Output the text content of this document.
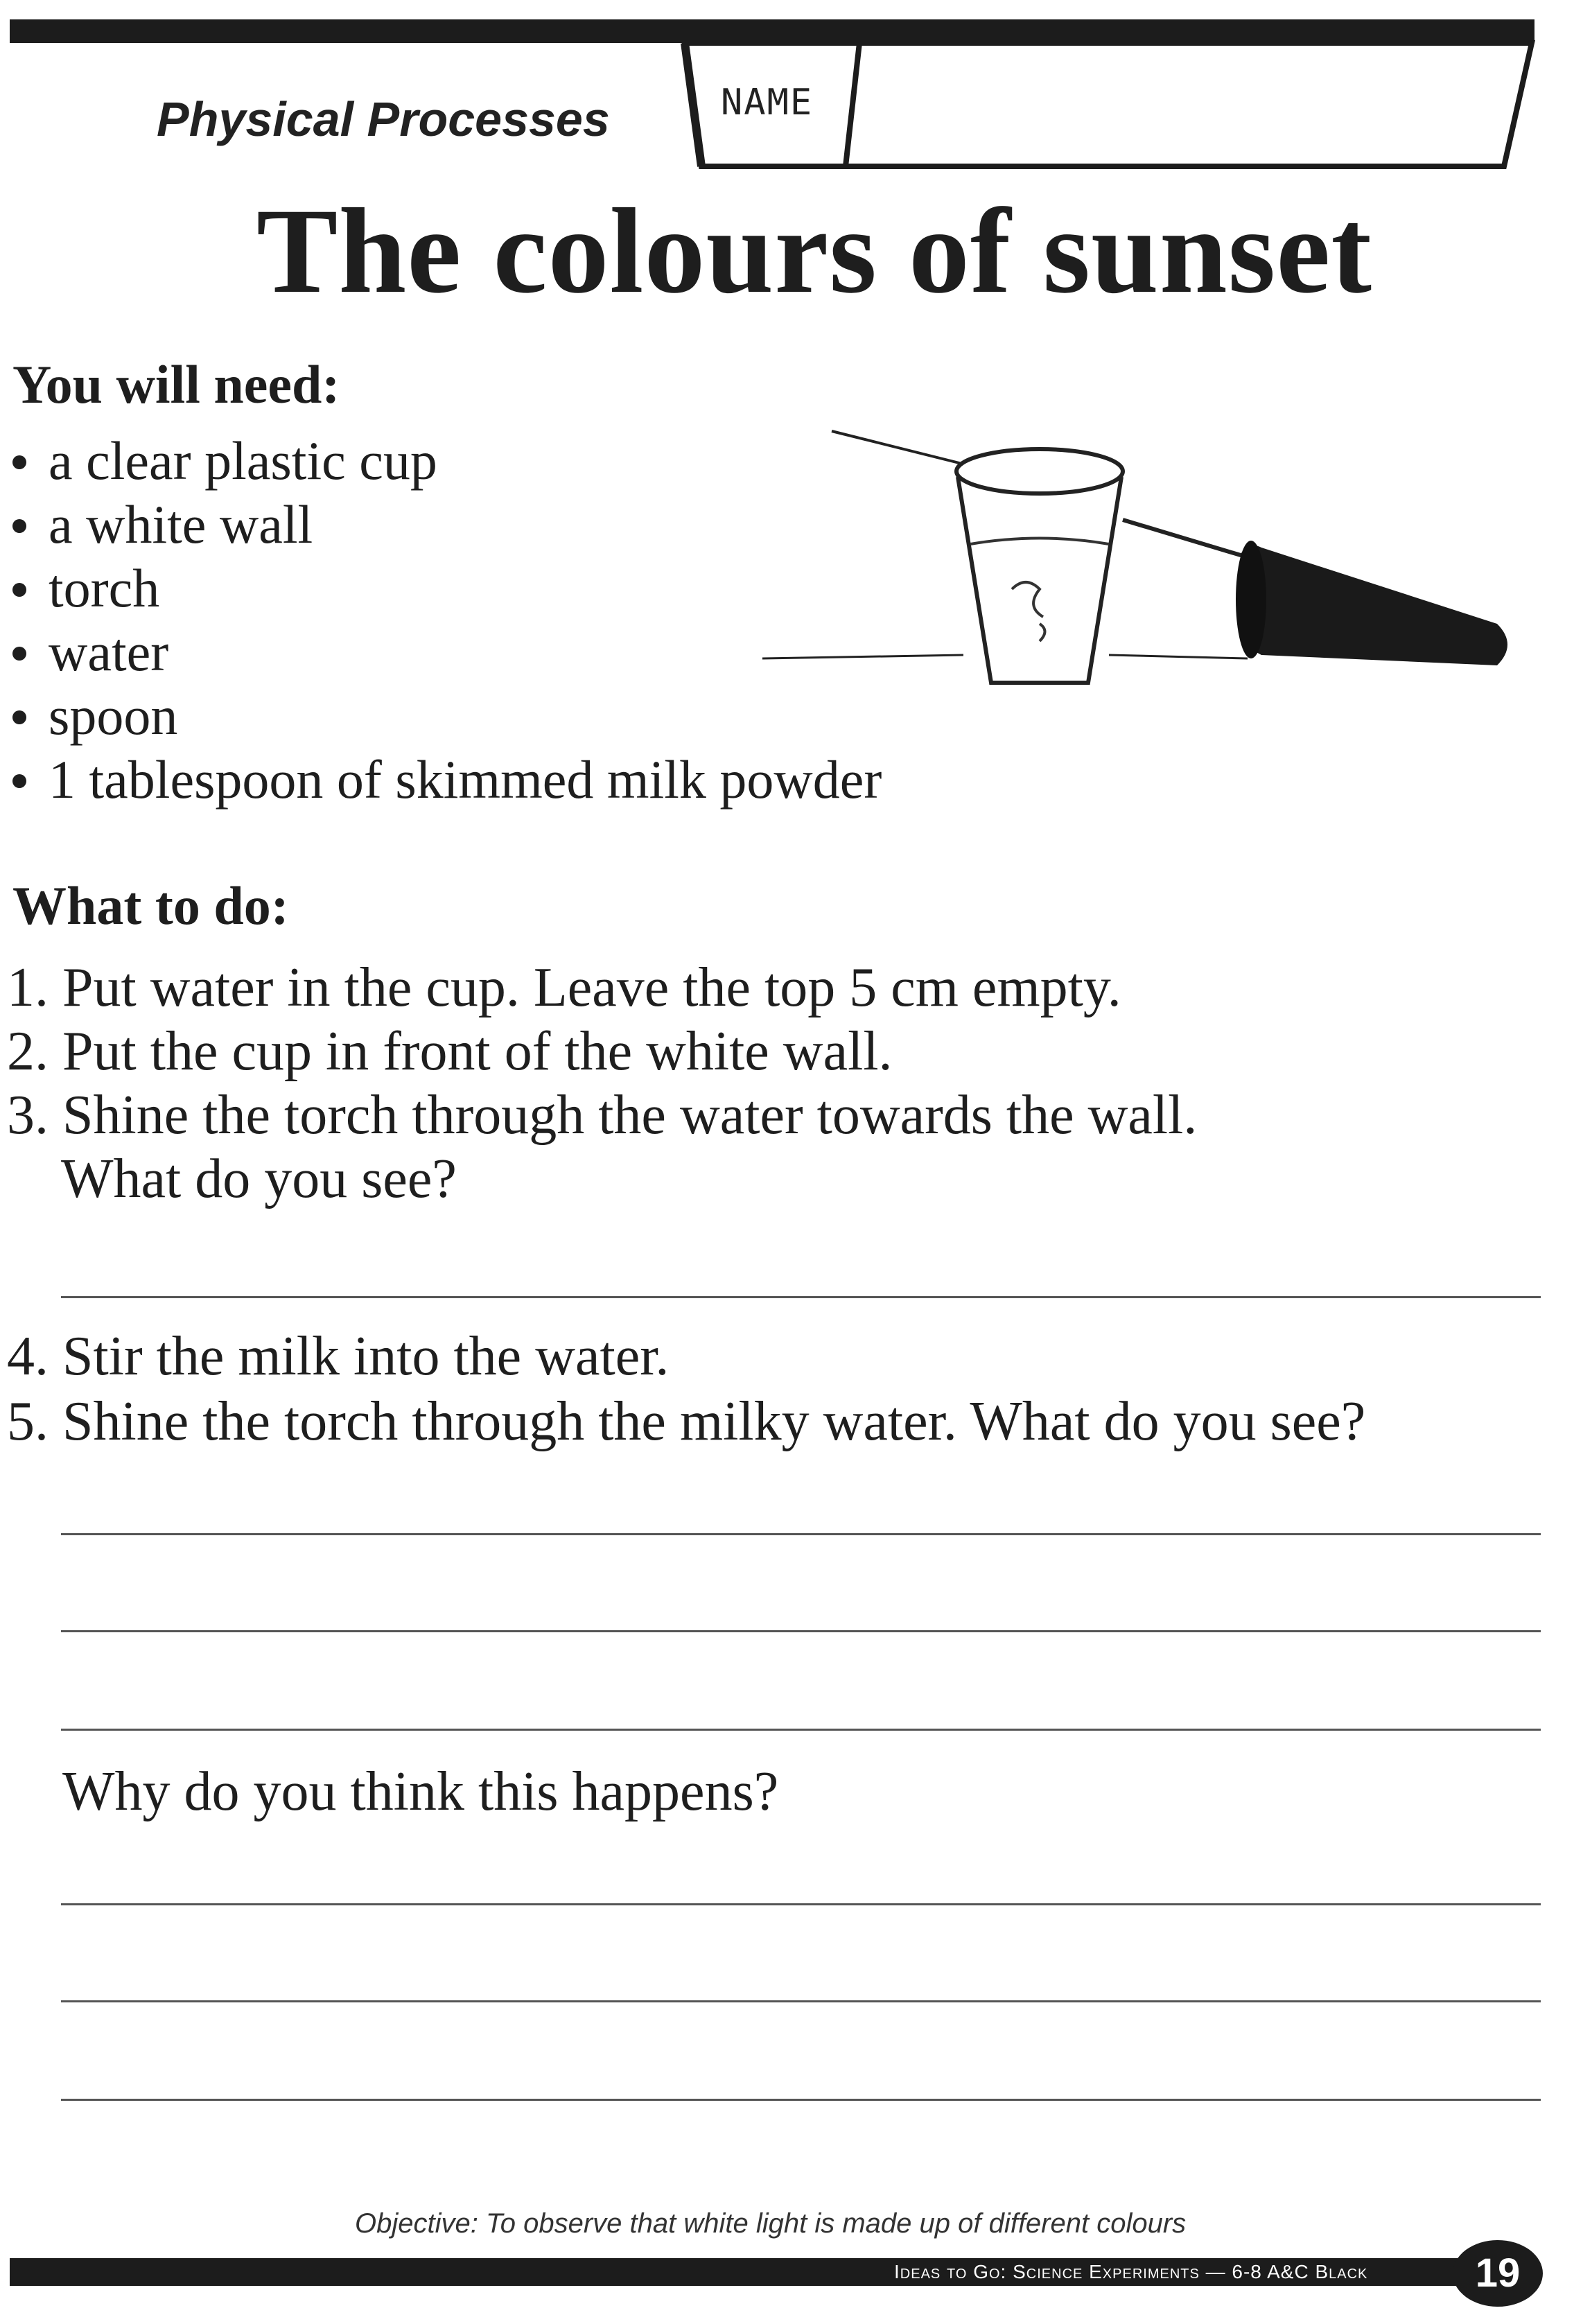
NAME
Physical Processes
The colours of sunset
You will need:
a clear plastic cup
a white wall
torch
water
spoon
1 tablespoon of skimmed milk powder
What to do:
1. Put water in the cup. Leave the top 5 cm empty.
2. Put the cup in front of the white wall.
3. Shine the torch through the water towards the wall.
What do you see?
4. Stir the milk into the water.
5. Shine the torch through the milky water. What do you see?
Why do you think this happens?
Objective: To observe that white light is made up of different colours
Ideas to Go: Science Experiments — 6-8 A&C Black	19
